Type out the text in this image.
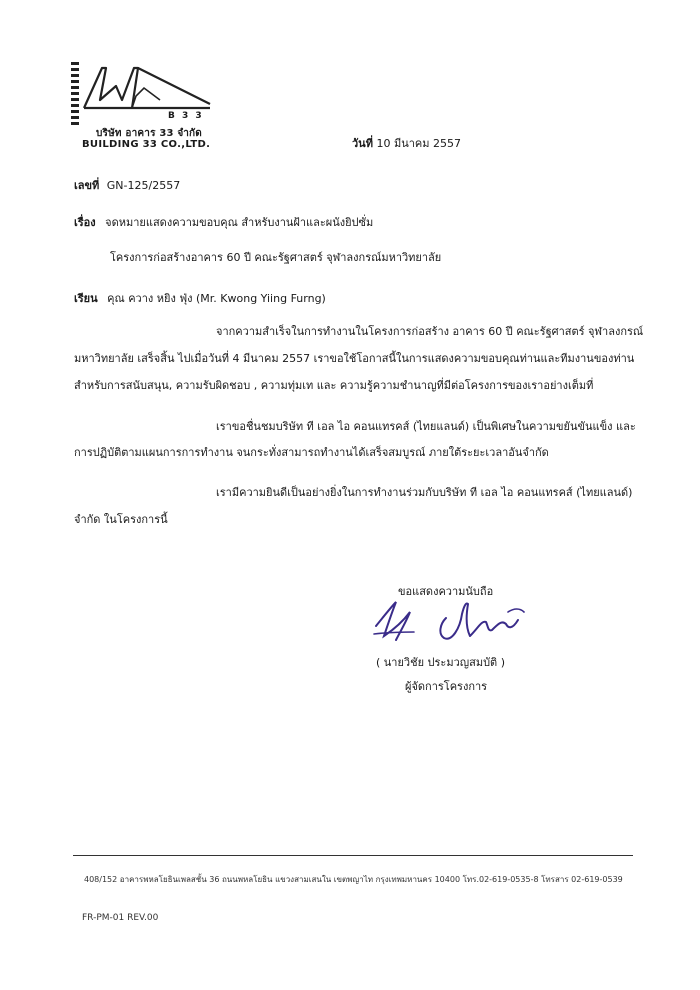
B 3 3
บริษัท อาคาร 33 จำกัด
BUILDING 33 CO.,LTD.	วันที่ 10 มีนาคม 2557
เลขที่ GN-125/2557
เรื่อง จดหมายแสดงความขอบคุณ สำหรับงานฝ้าและผนังยิปซั่ม
โครงการก่อสร้างอาคาร 60 ปี คณะรัฐศาสตร์ จุฬาลงกรณ์มหาวิทยาลัย
เรียน คุณ ควาง หยิง ฟุ่ง (Mr. Kwong Yiing Furng)
จากความสำเร็จในการทำงานในโครงการก่อสร้าง อาคาร 60 ปี คณะรัฐศาสตร์ จุฬาลงกรณ์
มหาวิทยาลัย เสร็จสิ้น ไปเมื่อวันที่ 4 มีนาคม 2557 เราขอใช้โอกาสนี้ในการแสดงความขอบคุณท่านและทีมงานของท่าน
สำหรับการสนับสนุน, ความรับผิดชอบ , ความทุ่มเท และ ความรู้ความชำนาญที่มีต่อโครงการของเราอย่างเต็มที่
เราขอชื่นชมบริษัท ที เอล ไอ คอนแทรคส์ (ไทยแลนด์) เป็นพิเศษในความขยันขันแข็ง และ
การปฏิบัติตามแผนการการทำงาน จนกระทั่งสามารถทำงานได้เสร็จสมบูรณ์ ภายใต้ระยะเวลาอันจำกัด
เรามีความยินดีเป็นอย่างยิ่งในการทำงานร่วมกับบริษัท ที เอล ไอ คอนแทรคส์ (ไทยแลนด์)
จำกัด ในโครงการนี้
ขอแสดงความนับถือ
( นายวิชัย ประมวญสมบัติ )
ผู้จัดการโครงการ
408/152 อาคารพหลโยธินเพลสชั้น 36 ถนนพหลโยธิน แขวงสามเสนใน เขตพญาไท กรุงเทพมหานคร 10400 โทร.02-619-0535-8 โทรสาร 02-619-0539
FR-PM-01 REV.00
